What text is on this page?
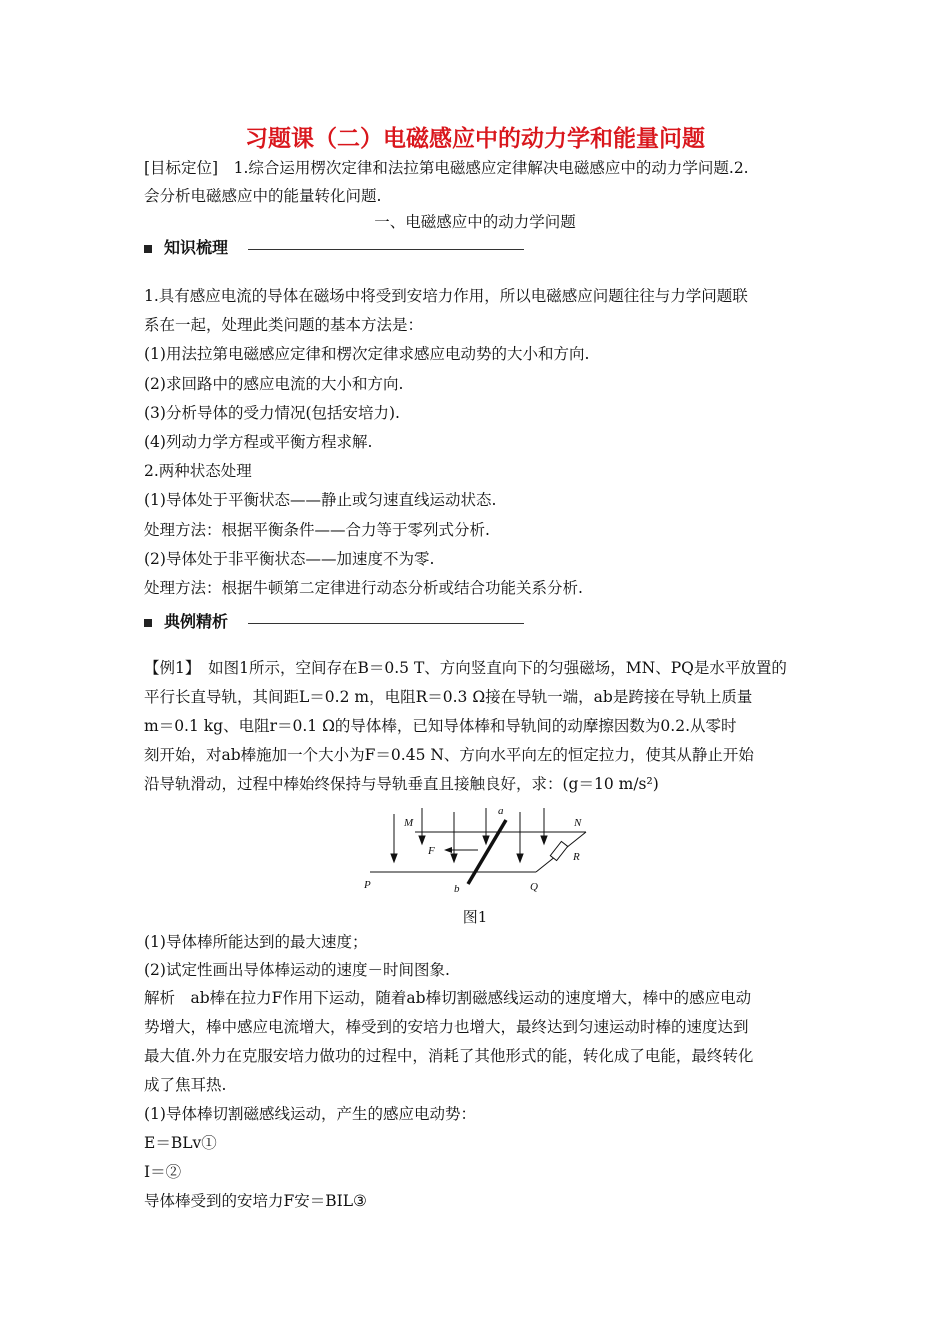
习题课（二）电磁感应中的动力学和能量问题
[目标定位]　1.综合运用楞次定律和法拉第电磁感应定律解决电磁感应中的动力学问题.2.
会分析电磁感应中的能量转化问题.
一、电磁感应中的动力学问题
知识梳理
1.具有感应电流的导体在磁场中将受到安培力作用，所以电磁感应问题往往与力学问题联
系在一起，处理此类问题的基本方法是：
(1)用法拉第电磁感应定律和楞次定律求感应电动势的大小和方向.
(2)求回路中的感应电流的大小和方向.
(3)分析导体的受力情况(包括安培力).
(4)列动力学方程或平衡方程求解.
2.两种状态处理
(1)导体处于平衡状态——静止或匀速直线运动状态.
处理方法：根据平衡条件——合力等于零列式分析.
(2)导体处于非平衡状态——加速度不为零.
处理方法：根据牛顿第二定律进行动态分析或结合功能关系分析.
典例精析
【例1】　如图1所示，空间存在B＝0.5 T、方向竖直向下的匀强磁场，MN、PQ是水平放置的
平行长直导轨，其间距L＝0.2 m，电阻R＝0.3 Ω接在导轨一端，ab是跨接在导轨上质量
m＝0.1 kg、电阻r＝0.1 Ω的导体棒，已知导体棒和导轨间的动摩擦因数为0.2.从零时
刻开始，对ab棒施加一个大小为F＝0.45 N、方向水平向左的恒定拉力，使其从静止开始
沿导轨滑动，过程中棒始终保持与导轨垂直且接触良好，求：(g＝10 m/s²)
M	N
P	Q
a
b
F	R
图1
(1)导体棒所能达到的最大速度；
(2)试定性画出导体棒运动的速度－时间图象.
解析　ab棒在拉力F作用下运动，随着ab棒切割磁感线运动的速度增大，棒中的感应电动
势增大，棒中感应电流增大，棒受到的安培力也增大，最终达到匀速运动时棒的速度达到
最大值.外力在克服安培力做功的过程中，消耗了其他形式的能，转化成了电能，最终转化
成了焦耳热.
(1)导体棒切割磁感线运动，产生的感应电动势：
E＝BLv①
I＝②
导体棒受到的安培力F安＝BIL③
